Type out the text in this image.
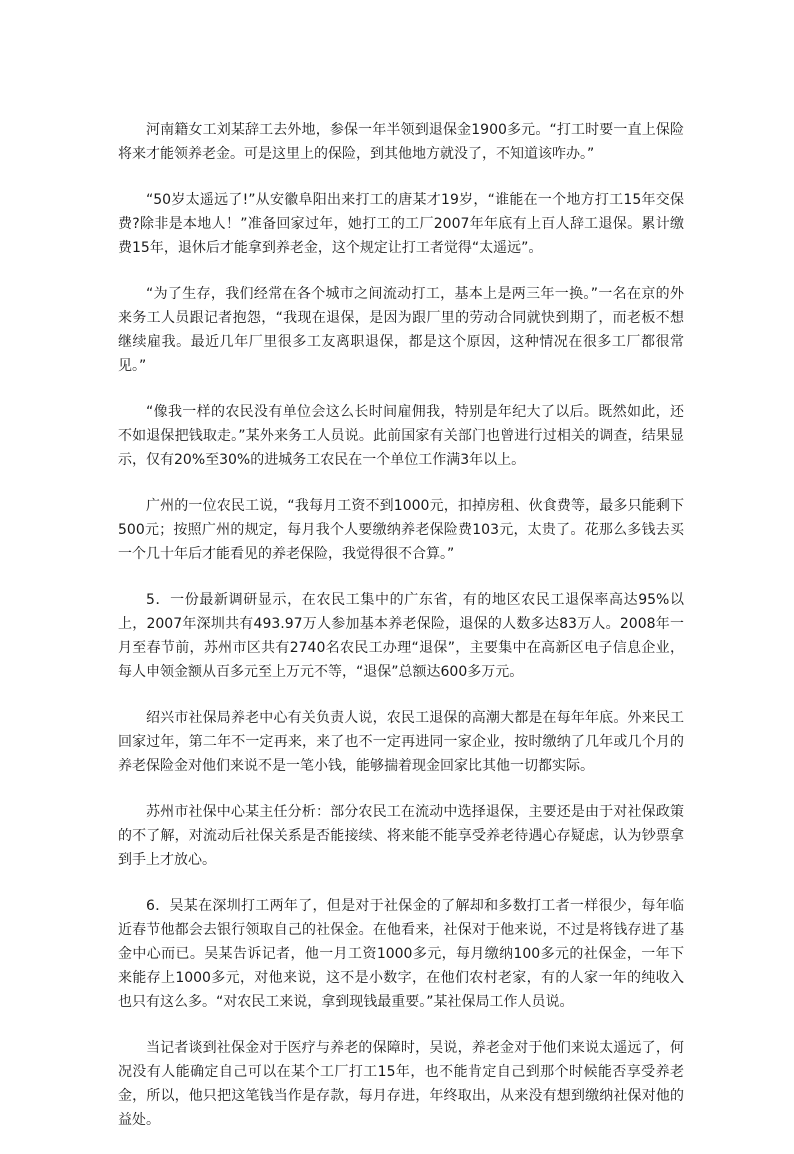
河南籍女工刘某辞工去外地，参保一年半领到退保金1900多元。“打工时要一直上保险将来才能领养老金。可是这里上的保险，到其他地方就没了，不知道该咋办。”

“50岁太遥远了!”从安徽阜阳出来打工的唐某才19岁，“谁能在一个地方打工15年交保费?除非是本地人！”准备回家过年，她打工的工厂2007年年底有上百人辞工退保。累计缴费15年，退休后才能拿到养老金，这个规定让打工者觉得“太遥远”。

“为了生存，我们经常在各个城市之间流动打工，基本上是两三年一换。”一名在京的外来务工人员跟记者抱怨，“我现在退保，是因为跟厂里的劳动合同就快到期了，而老板不想继续雇我。最近几年厂里很多工友离职退保，都是这个原因，这种情况在很多工厂都很常见。”

“像我一样的农民没有单位会这么长时间雇佣我，特别是年纪大了以后。既然如此，还不如退保把钱取走。”某外来务工人员说。此前国家有关部门也曾进行过相关的调查，结果显示，仅有20%至30%的进城务工农民在一个单位工作满3年以上。

广州的一位农民工说，“我每月工资不到1000元，扣掉房租、伙食费等，最多只能剩下500元；按照广州的规定，每月我个人要缴纳养老保险费103元，太贵了。花那么多钱去买一个几十年后才能看见的养老保险，我觉得很不合算。”

5．一份最新调研显示，在农民工集中的广东省，有的地区农民工退保率高达95%以上，2007年深圳共有493.97万人参加基本养老保险，退保的人数多达83万人。2008年一月至春节前，苏州市区共有2740名农民工办理“退保”，主要集中在高新区电子信息企业，每人申领金额从百多元至上万元不等，“退保”总额达600多万元。

绍兴市社保局养老中心有关负责人说，农民工退保的高潮大都是在每年年底。外来民工回家过年，第二年不一定再来，来了也不一定再进同一家企业，按时缴纳了几年或几个月的养老保险金对他们来说不是一笔小钱，能够揣着现金回家比其他一切都实际。

苏州市社保中心某主任分析：部分农民工在流动中选择退保，主要还是由于对社保政策的不了解，对流动后社保关系是否能接续、将来能不能享受养老待遇心存疑虑，认为钞票拿到手上才放心。

6．吴某在深圳打工两年了，但是对于社保金的了解却和多数打工者一样很少，每年临近春节他都会去银行领取自己的社保金。在他看来，社保对于他来说，不过是将钱存进了基金中心而已。吴某告诉记者，他一月工资1000多元，每月缴纳100多元的社保金，一年下来能存上1000多元，对他来说，这不是小数字，在他们农村老家，有的人家一年的纯收入也只有这么多。“对农民工来说，拿到现钱最重要。”某社保局工作人员说。

当记者谈到社保金对于医疗与养老的保障时，吴说，养老金对于他们来说太遥远了，何况没有人能确定自己可以在某个工厂打工15年，也不能肯定自己到那个时候能否享受养老金，所以，他只把这笔钱当作是存款，每月存进，年终取出，从来没有想到缴纳社保对他的益处。
